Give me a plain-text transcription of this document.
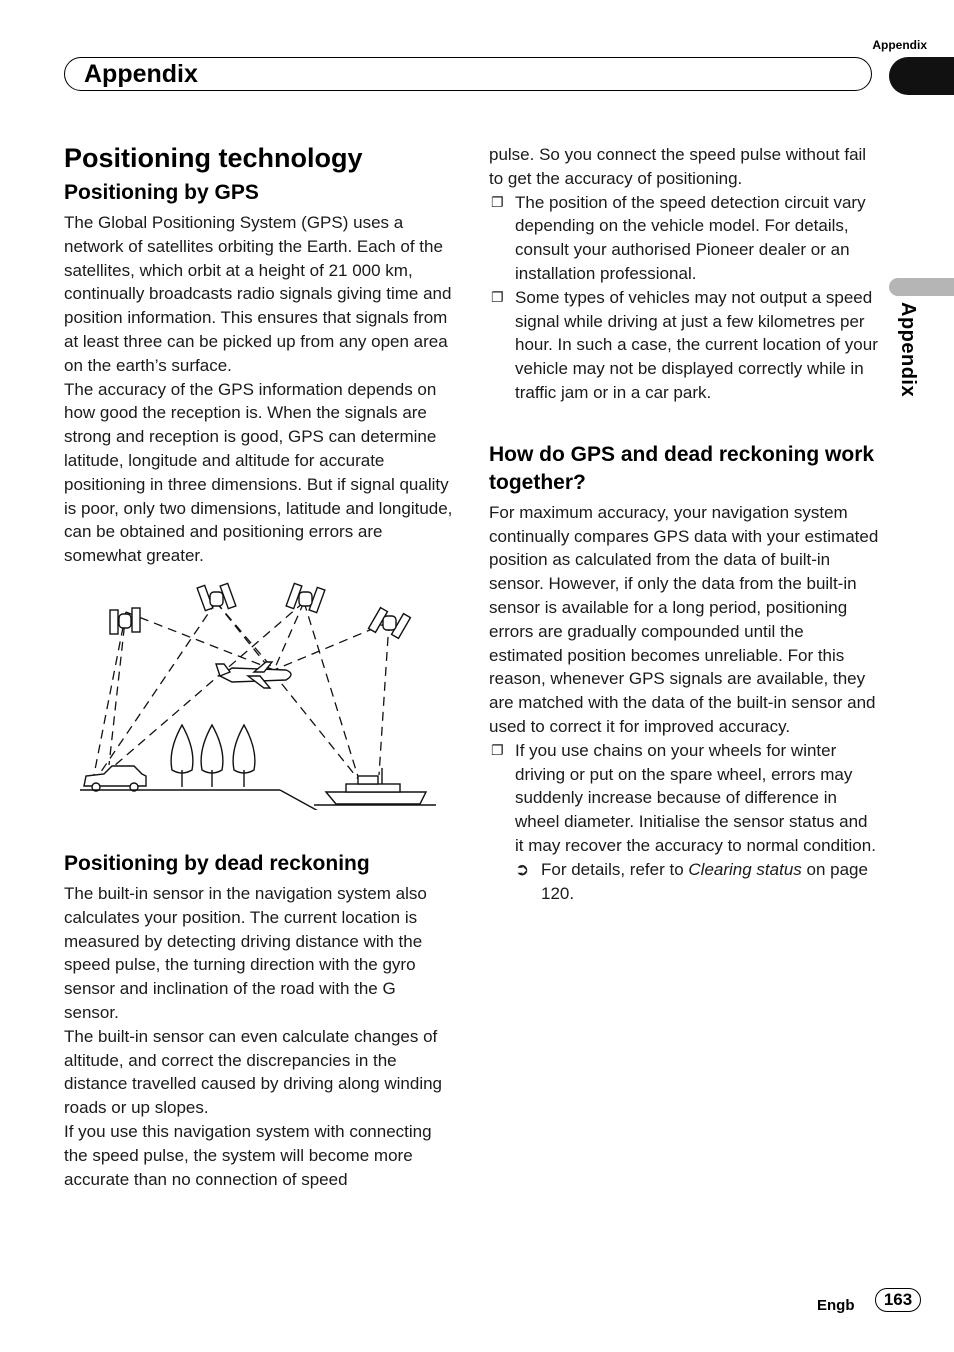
Appendix
Appendix
Appendix
Positioning technology
Positioning by GPS

The Global Positioning System (GPS) uses a network of satellites orbiting the Earth. Each of the satellites, which orbit at a height of 21 000 km, continually broadcasts radio signals giving time and position information. This ensures that signals from at least three can be picked up from any open area on the earth’s surface.

The accuracy of the GPS information depends on how good the reception is. When the signals are strong and reception is good, GPS can determine latitude, longitude and altitude for accurate positioning in three dimensions. But if signal quality is poor, only two dimensions, latitude and longitude, can be obtained and positioning errors are somewhat greater.

Positioning by dead reckoning

The built-in sensor in the navigation system also calculates your position. The current location is measured by detecting driving distance with the speed pulse, the turning direction with the gyro sensor and inclination of the road with the G sensor.

The built-in sensor can even calculate changes of altitude, and correct the discrepancies in the distance travelled caused by driving along winding roads or up slopes.

If you use this navigation system with connecting the speed pulse, the system will become more accurate than no connection of speed

pulse. So you connect the speed pulse without fail to get the accuracy of positioning.

❐ The position of the speed detection circuit vary depending on the vehicle model. For details, consult your authorised Pioneer dealer or an installation professional.
❐ Some types of vehicles may not output a speed signal while driving at just a few kilometres per hour. In such a case, the current location of your vehicle may not be displayed correctly while in traffic jam or in a car park.
How do GPS and dead reckoning work together?

For maximum accuracy, your navigation system continually compares GPS data with your estimated position as calculated from the data of built-in sensor. However, if only the data from the built-in sensor is available for a long period, positioning errors are gradually compounded until the estimated position becomes unreliable. For this reason, whenever GPS signals are available, they are matched with the data of the built-in sensor and used to correct it for improved accuracy.

❐ If you use chains on your wheels for winter driving or put on the spare wheel, errors may suddenly increase because of difference in wheel diameter. Initialise the sensor status and it may recover the accuracy to normal condition.
➲ For details, refer to Clearing status on page 120.
Engb	163
